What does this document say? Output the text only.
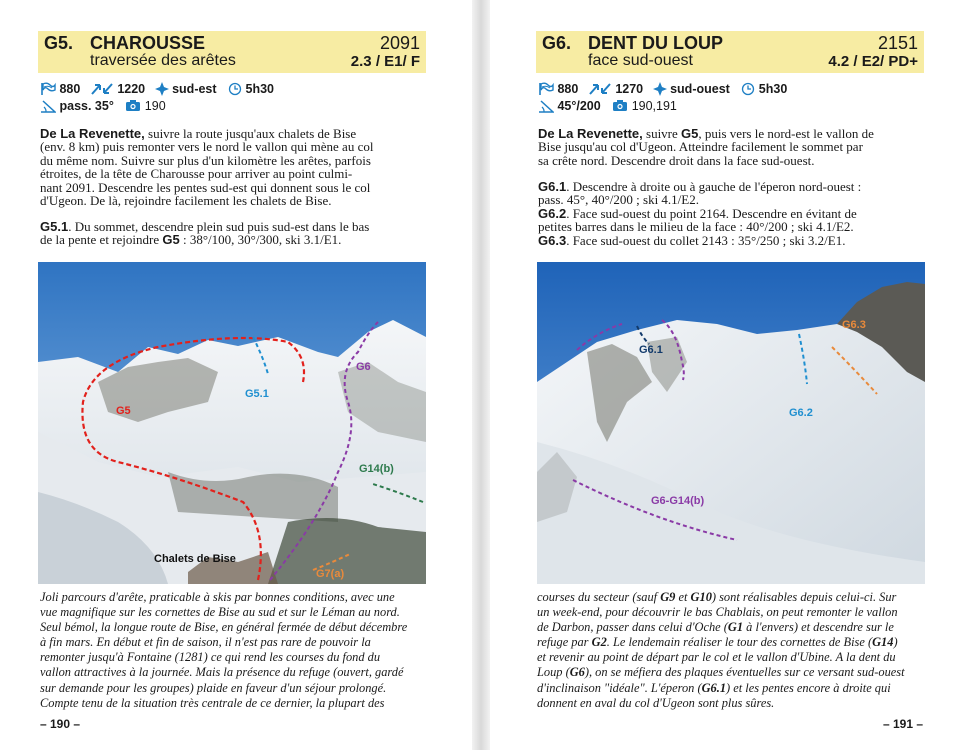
G5. CHAROUSSE
traversée des arêtes
2091
2.3 / E1/ F
880	1220 sud-est 5h30
pass. 35° 190
De La Revenette, suivre la route jusqu'aux chalets de Bise
(env. 8 km) puis remonter vers le nord le vallon qui mène au col
du même nom. Suivre sur plus d'un kilomètre les arêtes, parfois
étroites, de la tête de Charousse pour arriver au point culmi-
nant 2091. Descendre les pentes sud-est qui donnent sous le col
d'Ugeon. De là, rejoindre facilement les chalets de Bise.
G5.1. Du sommet, descendre plein sud puis sud-est dans le bas
de la pente et rejoindre G5 : 38°/100, 30°/300, ski 3.1/E1.
G5
G5.1
G6
G14(b)
Chalets de Bise
G7(a)
Joli parcours d'arête, praticable à skis par bonnes conditions, avec une
vue magnifique sur les cornettes de Bise au sud et sur le Léman au nord.
Seul bémol, la longue route de Bise, en général fermée de début décembre
à fin mars. En début et fin de saison, il n'est pas rare de pouvoir la
remonter jusqu'à Fontaine (1281) ce qui rend les courses du fond du
vallon attractives à la journée. Mais la présence du refuge (ouvert, gardé
sur demande pour les groupes) plaide en faveur d'un séjour prolongé.
Compte tenu de la situation très centrale de ce dernier, la plupart des
– 190 –
G6. DENT DU LOUP
face sud-ouest
2151
4.2 / E2/ PD+
880	1270 sud-ouest 5h30
45°/200 190,191
De La Revenette, suivre G5, puis vers le nord-est le vallon de
Bise jusqu'au col d'Ugeon. Atteindre facilement le sommet par
sa crête nord. Descendre droit dans la face sud-ouest.
G6.1. Descendre à droite ou à gauche de l'éperon nord-ouest :
pass. 45°, 40°/200 ; ski 4.1/E2.
G6.2. Face sud-ouest du point 2164. Descendre en évitant de
petites barres dans le milieu de la face : 40°/200 ; ski 4.1/E2.
G6.3. Face sud-ouest du collet 2143 : 35°/250 ; ski 3.2/E1.
G6.3
G6.1
G6.2
G6-G14(b)
courses du secteur (sauf G9 et G10) sont réalisables depuis celui-ci. Sur
un week-end, pour découvrir le bas Chablais, on peut remonter le vallon
de Darbon, passer dans celui d'Oche (G1 à l'envers) et descendre sur le
refuge par G2. Le lendemain réaliser le tour des cornettes de Bise (G14)
et revenir au point de départ par le col et le vallon d'Ubine. A la dent du
Loup (G6), on se méfiera des plaques éventuelles sur ce versant sud-ouest
d'inclinaison "idéale". L'éperon (G6.1) et les pentes encore à droite qui
donnent en aval du col d'Ugeon sont plus sûres.
– 191 –
